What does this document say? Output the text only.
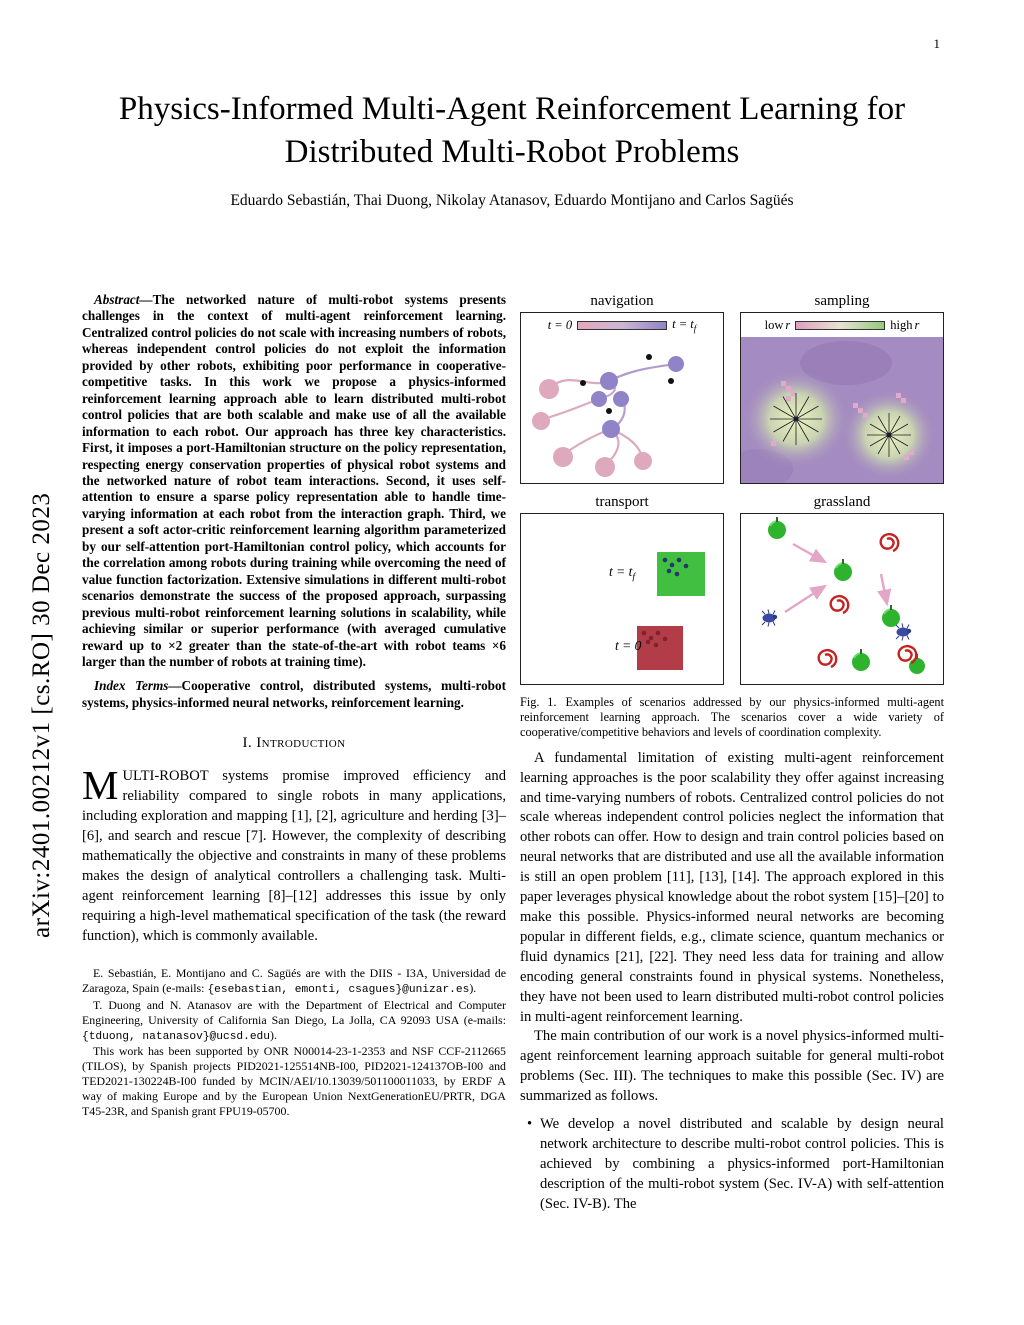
1
arXiv:2401.00212v1 [cs.RO] 30 Dec 2023
Physics-Informed Multi-Agent Reinforcement Learning for Distributed Multi-Robot Problems
Eduardo Sebastián, Thai Duong, Nikolay Atanasov, Eduardo Montijano and Carlos Sagüés

Abstract—The networked nature of multi-robot systems presents challenges in the context of multi-agent reinforcement learning. Centralized control policies do not scale with increasing numbers of robots, whereas independent control policies do not exploit the information provided by other robots, exhibiting poor performance in cooperative-competitive tasks. In this work we propose a physics-informed reinforcement learning approach able to learn distributed multi-robot control policies that are both scalable and make use of all the available information to each robot. Our approach has three key characteristics. First, it imposes a port-Hamiltonian structure on the policy representation, respecting energy conservation properties of physical robot systems and the networked nature of robot team interactions. Second, it uses self-attention to ensure a sparse policy representation able to handle time-varying information at each robot from the interaction graph. Third, we present a soft actor-critic reinforcement learning algorithm parameterized by our self-attention port-Hamiltonian control policy, which accounts for the correlation among robots during training while overcoming the need of value function factorization. Extensive simulations in different multi-robot scenarios demonstrate the success of the proposed approach, surpassing previous multi-robot reinforcement learning solutions in scalability, while achieving similar or superior performance (with averaged cumulative reward up to ×2 greater than the state-of-the-art with robot teams ×6 larger than the number of robots at training time).

Index Terms—Cooperative control, distributed systems, multi-robot systems, physics-informed neural networks, reinforcement learning.

I. Introduction

MULTI-ROBOT systems promise improved efficiency and reliability compared to single robots in many applications, including exploration and mapping [1], [2], agriculture and herding [3]–[6], and search and rescue [7]. However, the complexity of describing mathematically the objective and constraints in many of these problems makes the design of analytical controllers a challenging task. Multi-agent reinforcement learning [8]–[12] addresses this issue by only requiring a high-level mathematical specification of the task (the reward function), which is commonly available.

E. Sebastián, E. Montijano and C. Sagüés are with the DIIS - I3A, Universidad de Zaragoza, Spain (e-mails: {esebastian, emonti, csagues}@unizar.es).

T. Duong and N. Atanasov are with the Department of Electrical and Computer Engineering, University of California San Diego, La Jolla, CA 92093 USA (e-mails: {tduong, natanasov}@ucsd.edu).

This work has been supported by ONR N00014-23-1-2353 and NSF CCF-2112665 (TILOS), by Spanish projects PID2021-125514NB-I00, PID2021-124137OB-I00 and TED2021-130224B-I00 funded by MCIN/AEI/10.13039/501100011033, by ERDF A way of making Europe and by the European Union NextGenerationEU/PRTR, DGA T45-23R, and Spanish grant FPU19-05700.

navigation
t = 0	$t = t_f$
sampling
low r	high r
transport
$t = t_f$
t = 0
grassland

Fig. 1. Examples of scenarios addressed by our physics-informed multi-agent reinforcement learning approach. The scenarios cover a wide variety of cooperative/competitive behaviors and levels of coordination complexity.

A fundamental limitation of existing multi-agent reinforcement learning approaches is the poor scalability they offer against increasing and time-varying numbers of robots. Centralized control policies do not scale whereas independent control policies neglect the information that other robots can offer. How to design and train control policies based on neural networks that are distributed and use all the available information is still an open problem [11], [13], [14]. The approach explored in this paper leverages physical knowledge about the robot system [15]–[20] to make this possible. Physics-informed neural networks are becoming popular in different fields, e.g., climate science, quantum mechanics or fluid dynamics [21], [22]. They need less data for training and allow encoding general constraints found in physical systems. Nonetheless, they have not been used to learn distributed multi-robot control policies in multi-agent reinforcement learning.

The main contribution of our work is a novel physics-informed multi-agent reinforcement learning approach suitable for general multi-robot problems (Sec. III). The techniques to make this possible (Sec. IV) are summarized as follows.

• We develop a novel distributed and scalable by design neural network architecture to describe multi-robot control policies. This is achieved by combining a physics-informed port-Hamiltonian description of the multi-robot system (Sec. IV-A) with self-attention (Sec. IV-B). The
